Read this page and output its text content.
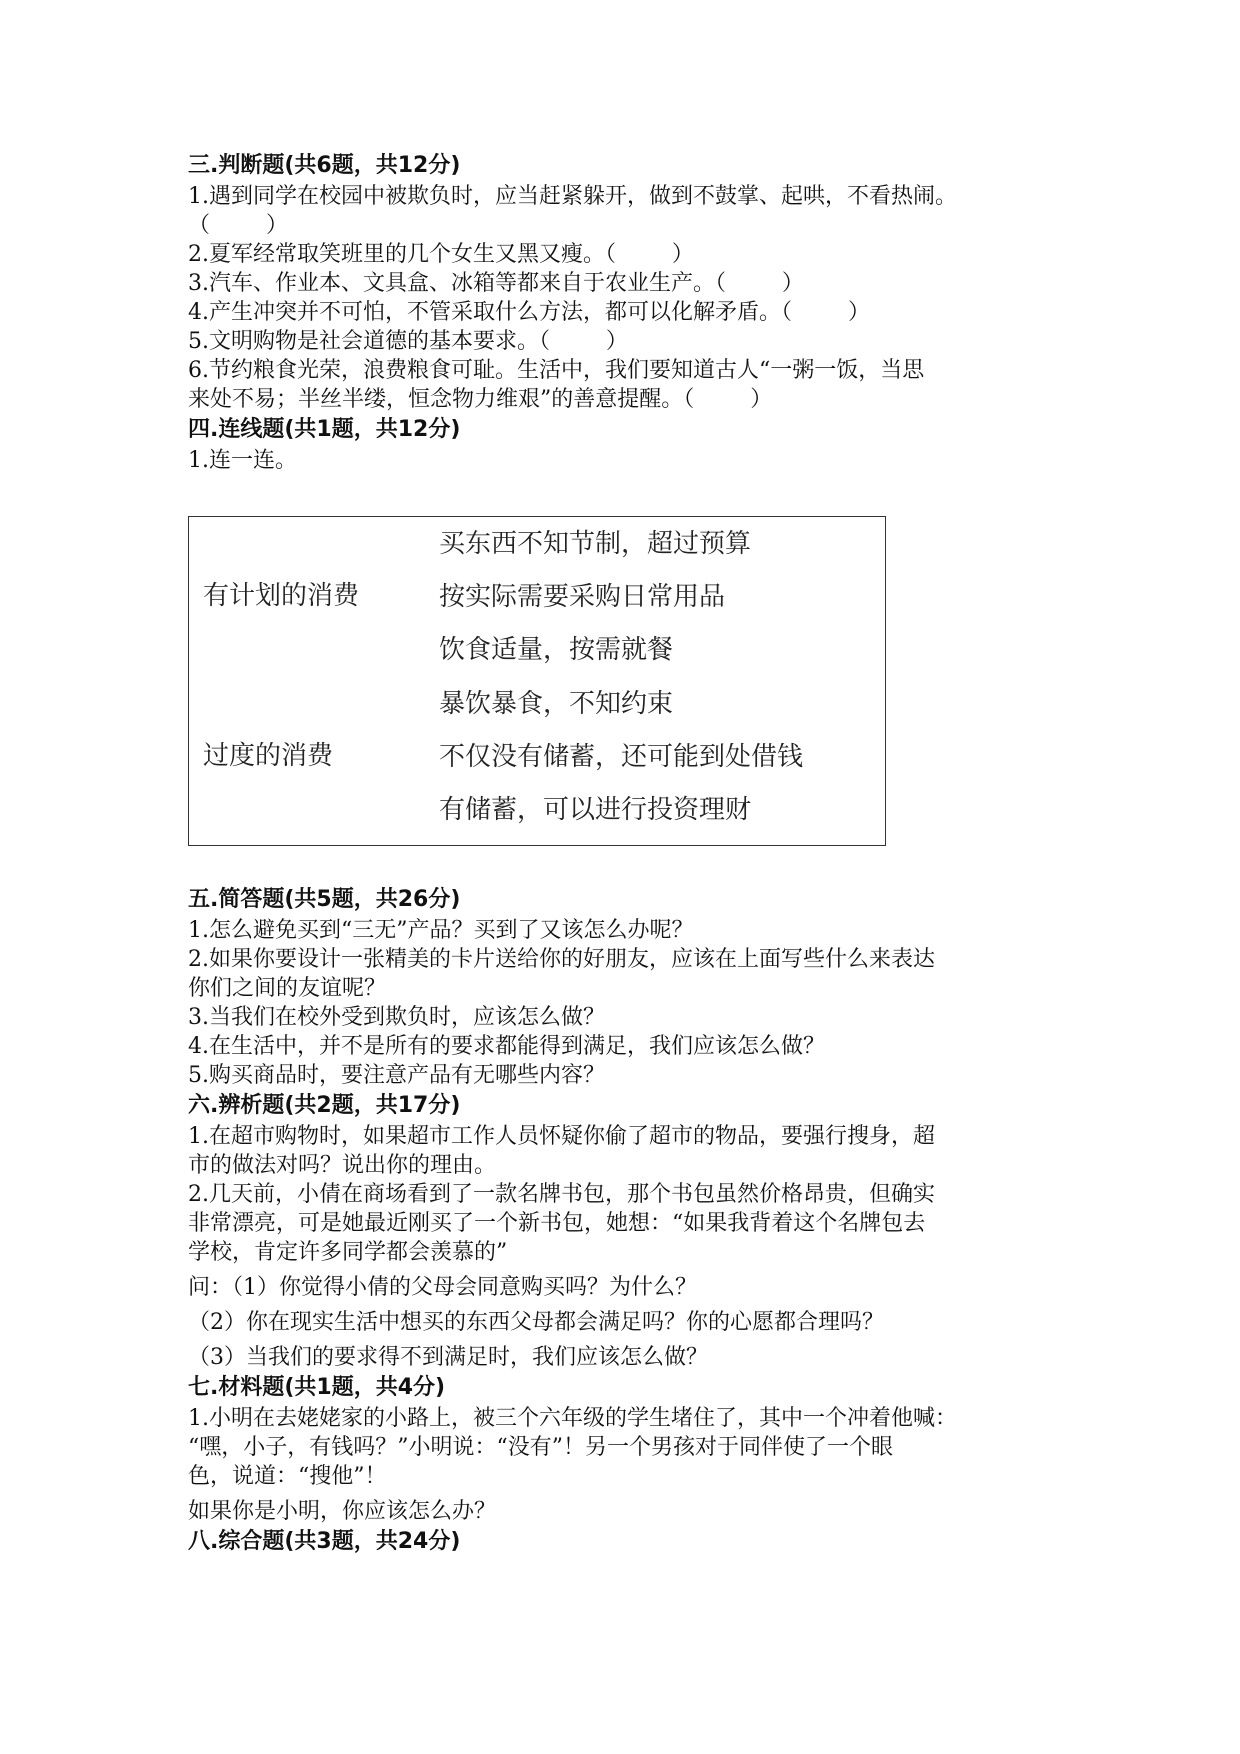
三.判断题(共6题，共12分)
1.遇到同学在校园中被欺负时，应当赶紧躲开，做到不鼓掌、起哄，不看热闹。
（        ）
2.夏军经常取笑班里的几个女生又黑又瘦。（        ）
3.汽车、作业本、文具盒、冰箱等都来自于农业生产。（        ）
4.产生冲突并不可怕，不管采取什么方法，都可以化解矛盾。（        ）
5.文明购物是社会道德的基本要求。（        ）
6.节约粮食光荣，浪费粮食可耻。生活中，我们要知道古人“一粥一饭，当思
来处不易；半丝半缕，恒念物力维艰”的善意提醒。（        ）
四.连线题(共1题，共12分)
1.连一连。
有计划的消费
过度的消费
买东西不知节制，超过预算
按实际需要采购日常用品
饮食适量，按需就餐
暴饮暴食，不知约束
不仅没有储蓄，还可能到处借钱
有储蓄，可以进行投资理财
五.简答题(共5题，共26分)
1.怎么避免买到“三无”产品？买到了又该怎么办呢？
2.如果你要设计一张精美的卡片送给你的好朋友，应该在上面写些什么来表达
你们之间的友谊呢？
3.当我们在校外受到欺负时，应该怎么做？
4.在生活中，并不是所有的要求都能得到满足，我们应该怎么做？
5.购买商品时，要注意产品有无哪些内容？
六.辨析题(共2题，共17分)
1.在超市购物时，如果超市工作人员怀疑你偷了超市的物品，要强行搜身，超
市的做法对吗？说出你的理由。
2.几天前，小倩在商场看到了一款名牌书包，那个书包虽然价格昂贵，但确实
非常漂亮，可是她最近刚买了一个新书包，她想：“如果我背着这个名牌包去
学校，肯定许多同学都会羡慕的”
问：（1）你觉得小倩的父母会同意购买吗？为什么？
（2）你在现实生活中想买的东西父母都会满足吗？你的心愿都合理吗？
（3）当我们的要求得不到满足时，我们应该怎么做？
七.材料题(共1题，共4分)
1.小明在去姥姥家的小路上，被三个六年级的学生堵住了，其中一个冲着他喊：
“嘿，小子，有钱吗？”小明说：“没有”！另一个男孩对于同伴使了一个眼
色，说道：“搜他”！
如果你是小明，你应该怎么办？
八.综合题(共3题，共24分)
